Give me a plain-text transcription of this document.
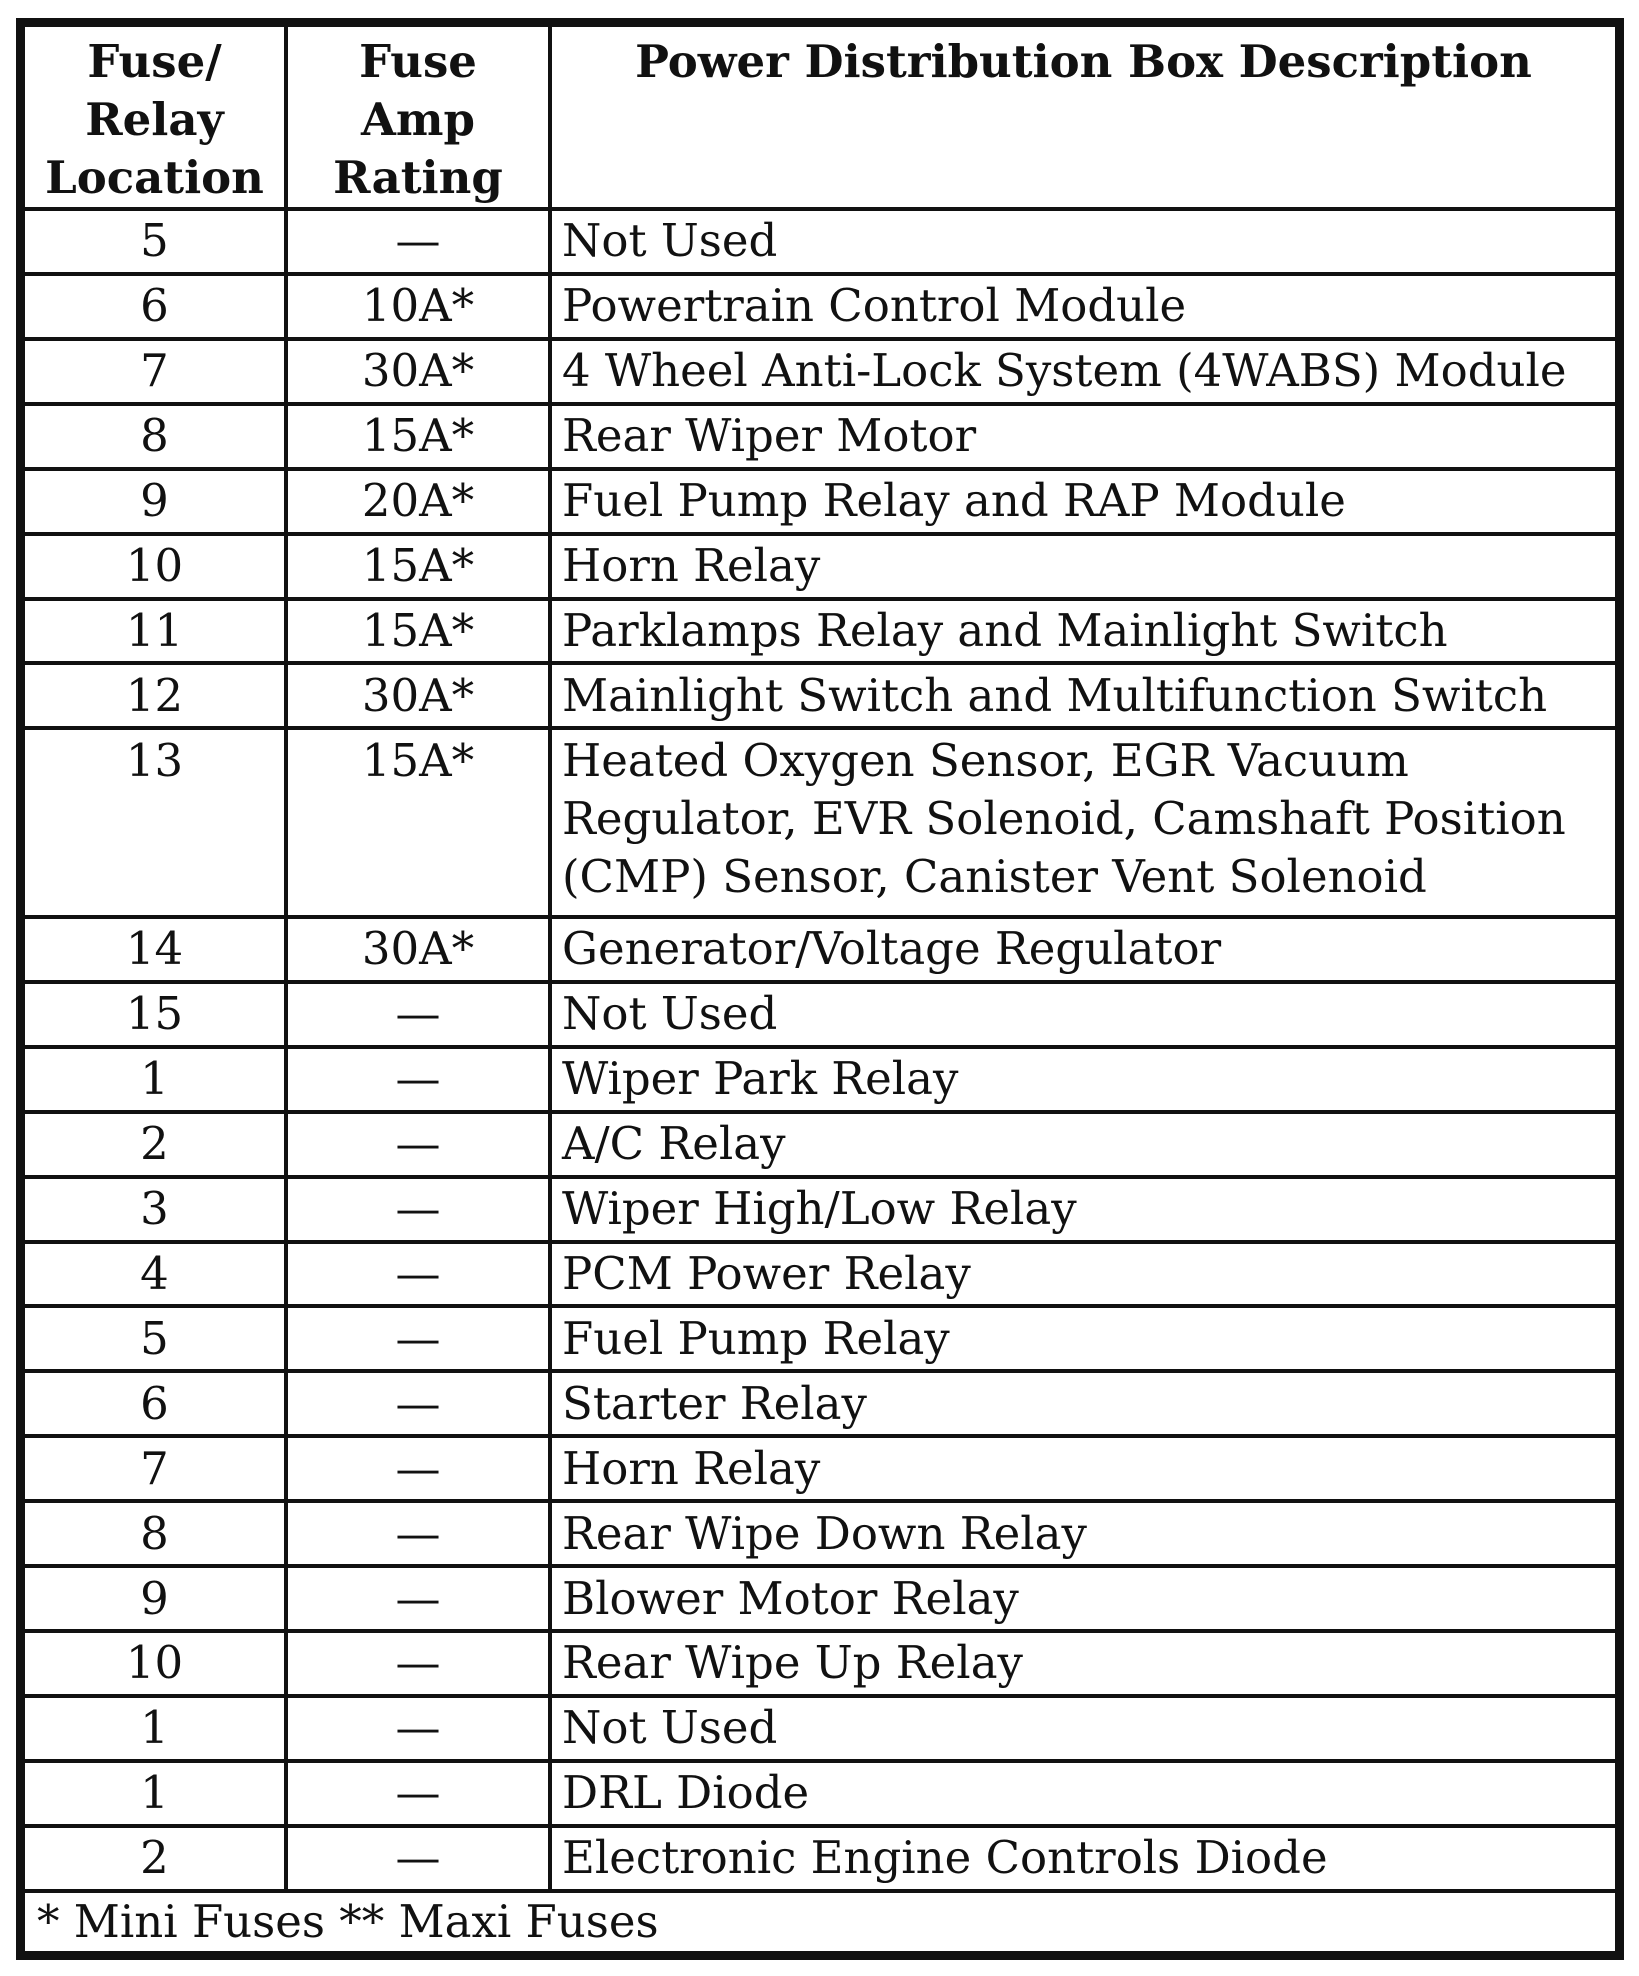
Fuse/
Relay
Location	Fuse
Amp
Rating	Power Distribution Box Description
5	—	Not Used

6	10A*	Powertrain Control Module

7	30A*	4 Wheel Anti-Lock System (4WABS) Module

8	15A*	Rear Wiper Motor

9	20A*	Fuel Pump Relay and RAP Module

10	15A*	Horn Relay

11	15A*	Parklamps Relay and Mainlight Switch

12	30A*	Mainlight Switch and Multifunction Switch

13	15A*	Heated Oxygen Sensor, EGR Vacuum
Regulator, EVR Solenoid, Camshaft Position
(CMP) Sensor, Canister Vent Solenoid

14	30A*	Generator/Voltage Regulator

15	—	Not Used

1	—	Wiper Park Relay

2	—	A/C Relay

3	—	Wiper High/Low Relay

4	—	PCM Power Relay

5	—	Fuel Pump Relay

6	—	Starter Relay

7	—	Horn Relay

8	—	Rear Wipe Down Relay

9	—	Blower Motor Relay

10	—	Rear Wipe Up Relay

1	—	Not Used

1	—	DRL Diode

2	—	Electronic Engine Controls Diode

* Mini Fuses ** Maxi Fuses		
